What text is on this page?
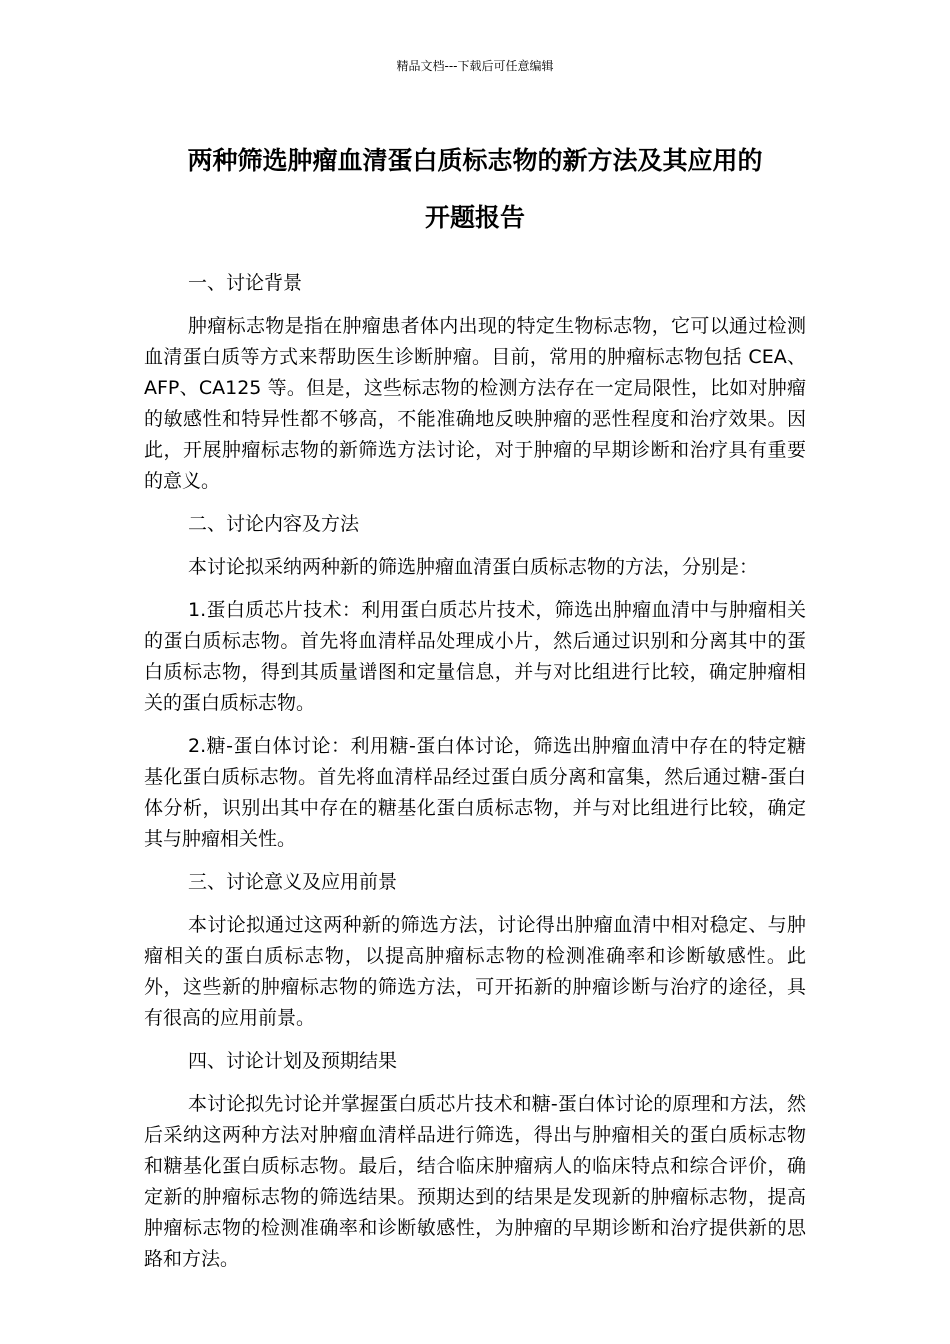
精品文档---下载后可任意编辑
两种筛选肿瘤血清蛋白质标志物的新方法及其应用的
开题报告
一、讨论背景

肿瘤标志物是指在肿瘤患者体内出现的特定生物标志物，它可以通过检测血清蛋白质等方式来帮助医生诊断肿瘤。目前，常用的肿瘤标志物包括 CEA、AFP、CA125 等。但是，这些标志物的检测方法存在一定局限性，比如对肿瘤的敏感性和特异性都不够高，不能准确地反映肿瘤的恶性程度和治疗效果。因此，开展肿瘤标志物的新筛选方法讨论，对于肿瘤的早期诊断和治疗具有重要的意义。

二、讨论内容及方法

本讨论拟采纳两种新的筛选肿瘤血清蛋白质标志物的方法，分别是：

1.蛋白质芯片技术：利用蛋白质芯片技术，筛选出肿瘤血清中与肿瘤相关的蛋白质标志物。首先将血清样品处理成小片，然后通过识别和分离其中的蛋白质标志物，得到其质量谱图和定量信息，并与对比组进行比较，确定肿瘤相关的蛋白质标志物。

2.糖-蛋白体讨论：利用糖-蛋白体讨论，筛选出肿瘤血清中存在的特定糖基化蛋白质标志物。首先将血清样品经过蛋白质分离和富集，然后通过糖-蛋白体分析，识别出其中存在的糖基化蛋白质标志物，并与对比组进行比较，确定其与肿瘤相关性。

三、讨论意义及应用前景

本讨论拟通过这两种新的筛选方法，讨论得出肿瘤血清中相对稳定、与肿瘤相关的蛋白质标志物，以提高肿瘤标志物的检测准确率和诊断敏感性。此外，这些新的肿瘤标志物的筛选方法，可开拓新的肿瘤诊断与治疗的途径，具有很高的应用前景。

四、讨论计划及预期结果

本讨论拟先讨论并掌握蛋白质芯片技术和糖-蛋白体讨论的原理和方法，然后采纳这两种方法对肿瘤血清样品进行筛选，得出与肿瘤相关的蛋白质标志物和糖基化蛋白质标志物。最后，结合临床肿瘤病人的临床特点和综合评价，确定新的肿瘤标志物的筛选结果。预期达到的结果是发现新的肿瘤标志物，提高肿瘤标志物的检测准确率和诊断敏感性，为肿瘤的早期诊断和治疗提供新的思路和方法。
